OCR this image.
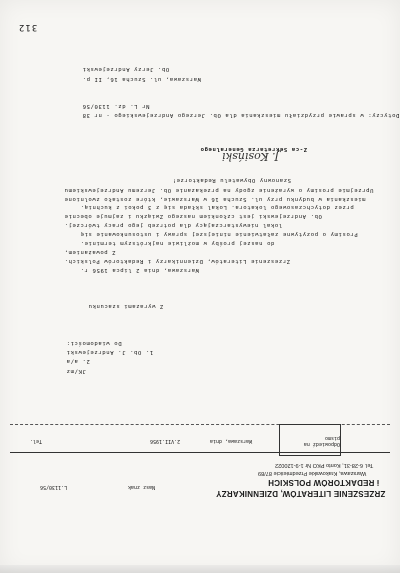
312
Ob. Jerzy Andrzejewski
Warszawa, ul. Szucha 16, II p.
Nr L. dz. 1130/56
Dotyczy: w sprawie przydziału mieszkania dla Ob. Jerzego Andrzejewskiego - nr 38
Z-ca Sekretarza Generalnego
J. Kosiński
Szanowny Obywatelu Redaktorze!
Uprzejmie prosimy o wyrażenie zgody na przekazanie Ob. Jerzemu Andrzejewskiemu
mieszkania w budynku przy ul. Szucha 16 w Warszawie, które zostało zwolnione
przez dotychczasowego lokatora. Lokal składa się z 3 pokoi z kuchnią.
Ob. Andrzejewski jest członkiem naszego Związku i zajmuje obecnie
lokal niewystarczający dla potrzeb jego pracy twórczej.
Prosimy o pozytywne załatwienie niniejszej sprawy i ustosunkowanie się
do naszej prośby w możliwie najkrótszym terminie.
Z poważaniem,
Zrzeszenie Literatów, Dziennikarzy i Redaktorów Polskich.
Warszawa, dnia 2 lipca 1956 r.
Z wyrazami szacunku
Do wiadomości:
1. Ob. J. Andrzejewski
2. a/a
JK/mz
Odpowiedź na pismo
Warszawa, dnia
2.VII.1956
Tel.
Tel. 6-28-31, Konto PKO Nr 1-9-120022
Warszawa, Krakowskie Przedmieście 87/89
i REDAKTORÓW POLSKICH
ZRZESZENIE LITERATÓW, DZIENNIKARZY
Nasz znak
L.1130/56
